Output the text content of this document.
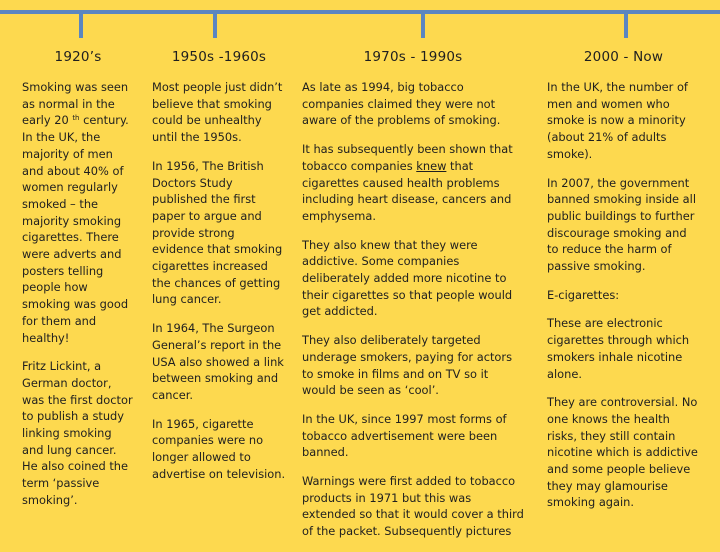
1920’s

Smoking was seen as normal in the early 20 $^{th}$ century. In the UK, the majority of men and about 40% of women regularly smoked – the majority smoking cigarettes. There were adverts and posters telling people how smoking was good for them and healthy!

Fritz Lickint, a German doctor, was the first doctor to publish a study linking smoking and lung cancer. He also coined the term ‘passive smoking’.

1950s -1960s

Most people just didn’t believe that smoking could be unhealthy until the 1950s.

In 1956, The British Doctors Study published the first paper to argue and provide strong evidence that smoking cigarettes increased the chances of getting lung cancer.

In 1964, The Surgeon General’s report in the USA also showed a link between smoking and cancer.

In 1965, cigarette companies were no longer allowed to advertise on television.

1970s - 1990s

As late as 1994, big tobacco companies claimed they were not aware of the problems of smoking.

It has subsequently been shown that tobacco companies knew that cigarettes caused health problems including heart disease, cancers and emphysema.

They also knew that they were addictive. Some companies deliberately added more nicotine to their cigarettes so that people would get addicted.

They also deliberately targeted underage smokers, paying for actors to smoke in films and on TV so it would be seen as ‘cool’.

In the UK, since 1997 most forms of tobacco advertisement were been banned.

Warnings were first added to tobacco products in 1971 but this was extended so that it would cover a third of the packet. Subsequently pictures

2000 - Now

In the UK, the number of men and women who smoke is now a minority (about 21% of adults smoke).

In 2007, the government banned smoking inside all public buildings to further discourage smoking and to reduce the harm of passive smoking.

E-cigarettes:

These are electronic cigarettes through which smokers inhale nicotine alone.

They are controversial. No one knows the health risks, they still contain nicotine which is addictive and some people believe they may glamourise smoking again.
